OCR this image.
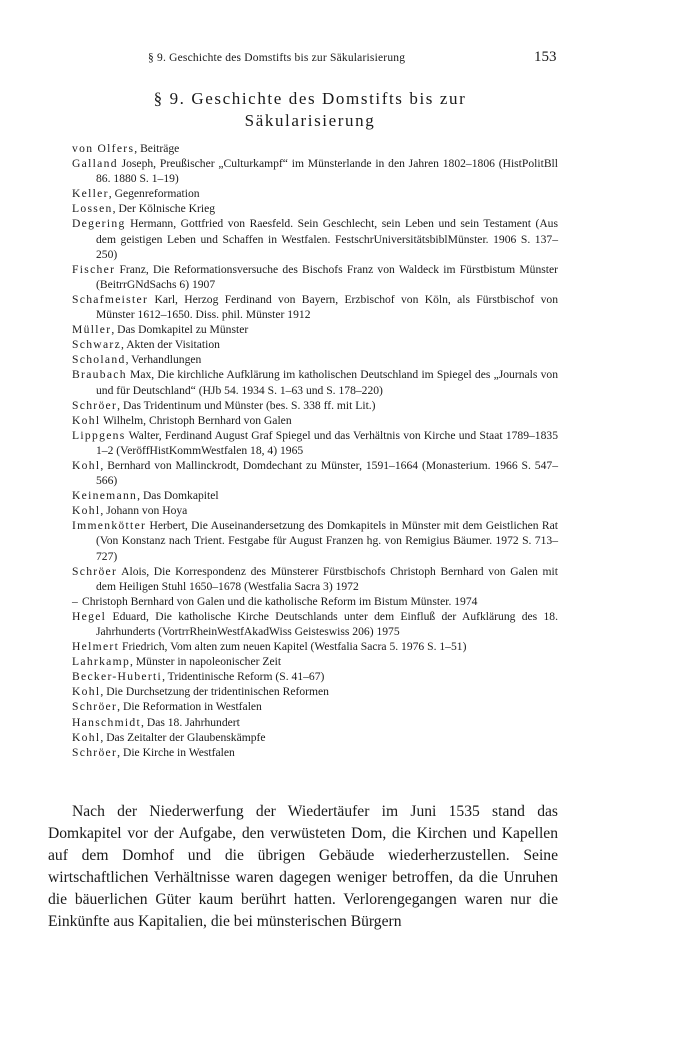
§ 9. Geschichte des Domstifts bis zur Säkularisierung	153
§ 9. Geschichte des Domstifts bis zur
Säkularisierung
von Olfers, Beiträge
Galland Joseph, Preußischer „Culturkampf“ im Münsterlande in den Jahren 1802–1806 (HistPolitBll 86. 1880 S. 1–19)
Keller, Gegenreformation
Lossen, Der Kölnische Krieg
Degering Hermann, Gottfried von Raesfeld. Sein Geschlecht, sein Leben und sein Testament (Aus dem geistigen Leben und Schaffen in Westfalen. FestschrUniversitätsbiblMünster. 1906 S. 137–250)
Fischer Franz, Die Reformationsversuche des Bischofs Franz von Waldeck im Fürstbistum Münster (BeitrrGNdSachs 6) 1907
Schafmeister Karl, Herzog Ferdinand von Bayern, Erzbischof von Köln, als Fürstbischof von Münster 1612–1650. Diss. phil. Münster 1912
Müller, Das Domkapitel zu Münster
Schwarz, Akten der Visitation
Scholand, Verhandlungen
Braubach Max, Die kirchliche Aufklärung im katholischen Deutschland im Spiegel des „Journals von und für Deutschland“ (HJb 54. 1934 S. 1–63 und S. 178–220)
Schröer, Das Tridentinum und Münster (bes. S. 338 ff. mit Lit.)
Kohl Wilhelm, Christoph Bernhard von Galen
Lippgens Walter, Ferdinand August Graf Spiegel und das Verhältnis von Kirche und Staat 1789–1835 1–2 (VeröffHistKommWestfalen 18, 4) 1965
Kohl, Bernhard von Mallinckrodt, Domdechant zu Münster, 1591–1664 (Monasterium. 1966 S. 547–566)
Keinemann, Das Domkapitel
Kohl, Johann von Hoya
Immenkötter Herbert, Die Auseinandersetzung des Domkapitels in Münster mit dem Geistlichen Rat (Von Konstanz nach Trient. Festgabe für August Franzen hg. von Remigius Bäumer. 1972 S. 713–727)
Schröer Alois, Die Korrespondenz des Münsterer Fürstbischofs Christoph Bernhard von Galen mit dem Heiligen Stuhl 1650–1678 (Westfalia Sacra 3) 1972
– Christoph Bernhard von Galen und die katholische Reform im Bistum Münster. 1974
Hegel Eduard, Die katholische Kirche Deutschlands unter dem Einfluß der Aufklärung des 18. Jahrhunderts (VortrrRheinWestfAkadWiss Geisteswiss 206) 1975
Helmert Friedrich, Vom alten zum neuen Kapitel (Westfalia Sacra 5. 1976 S. 1–51)
Lahrkamp, Münster in napoleonischer Zeit
Becker-Huberti, Tridentinische Reform (S. 41–67)
Kohl, Die Durchsetzung der tridentinischen Reformen
Schröer, Die Reformation in Westfalen
Hanschmidt, Das 18. Jahrhundert
Kohl, Das Zeitalter der Glaubenskämpfe
Schröer, Die Kirche in Westfalen

Nach der Niederwerfung der Wiedertäufer im Juni 1535 stand das Domkapitel vor der Aufgabe, den verwüsteten Dom, die Kirchen und Kapellen auf dem Domhof und die übrigen Gebäude wiederherzustellen. Seine wirtschaftlichen Verhältnisse waren dagegen weniger betroffen, da die Unruhen die bäuerlichen Güter kaum berührt hatten. Verlorengegangen waren nur die Einkünfte aus Kapitalien, die bei münsterischen Bürgern
